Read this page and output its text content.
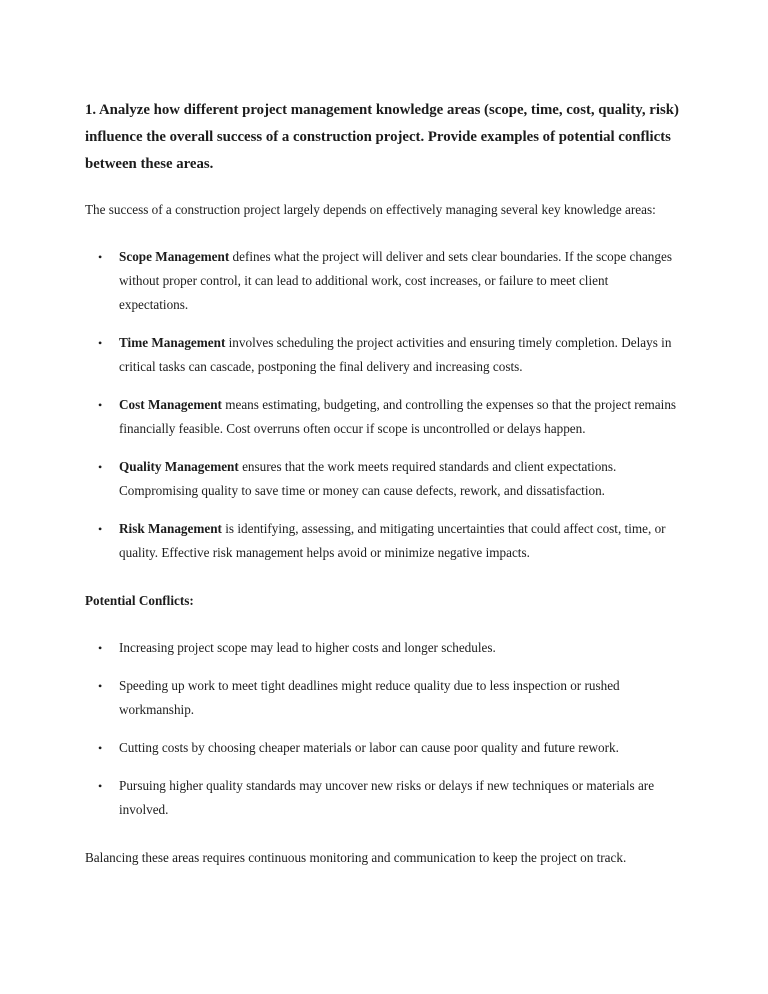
1. Analyze how different project management knowledge areas (scope, time, cost, quality, risk) influence the overall success of a construction project. Provide examples of potential conflicts between these areas.

The success of a construction project largely depends on effectively managing several key knowledge areas:

• Scope Management defines what the project will deliver and sets clear boundaries. If the scope changes without proper control, it can lead to additional work, cost increases, or failure to meet client expectations.
• Time Management involves scheduling the project activities and ensuring timely completion. Delays in critical tasks can cascade, postponing the final delivery and increasing costs.
• Cost Management means estimating, budgeting, and controlling the expenses so that the project remains financially feasible. Cost overruns often occur if scope is uncontrolled or delays happen.
• Quality Management ensures that the work meets required standards and client expectations. Compromising quality to save time or money can cause defects, rework, and dissatisfaction.
• Risk Management is identifying, assessing, and mitigating uncertainties that could affect cost, time, or quality. Effective risk management helps avoid or minimize negative impacts.

Potential Conflicts:

• Increasing project scope may lead to higher costs and longer schedules.
• Speeding up work to meet tight deadlines might reduce quality due to less inspection or rushed workmanship.
• Cutting costs by choosing cheaper materials or labor can cause poor quality and future rework.
• Pursuing higher quality standards may uncover new risks or delays if new techniques or materials are involved.

Balancing these areas requires continuous monitoring and communication to keep the project on track.
